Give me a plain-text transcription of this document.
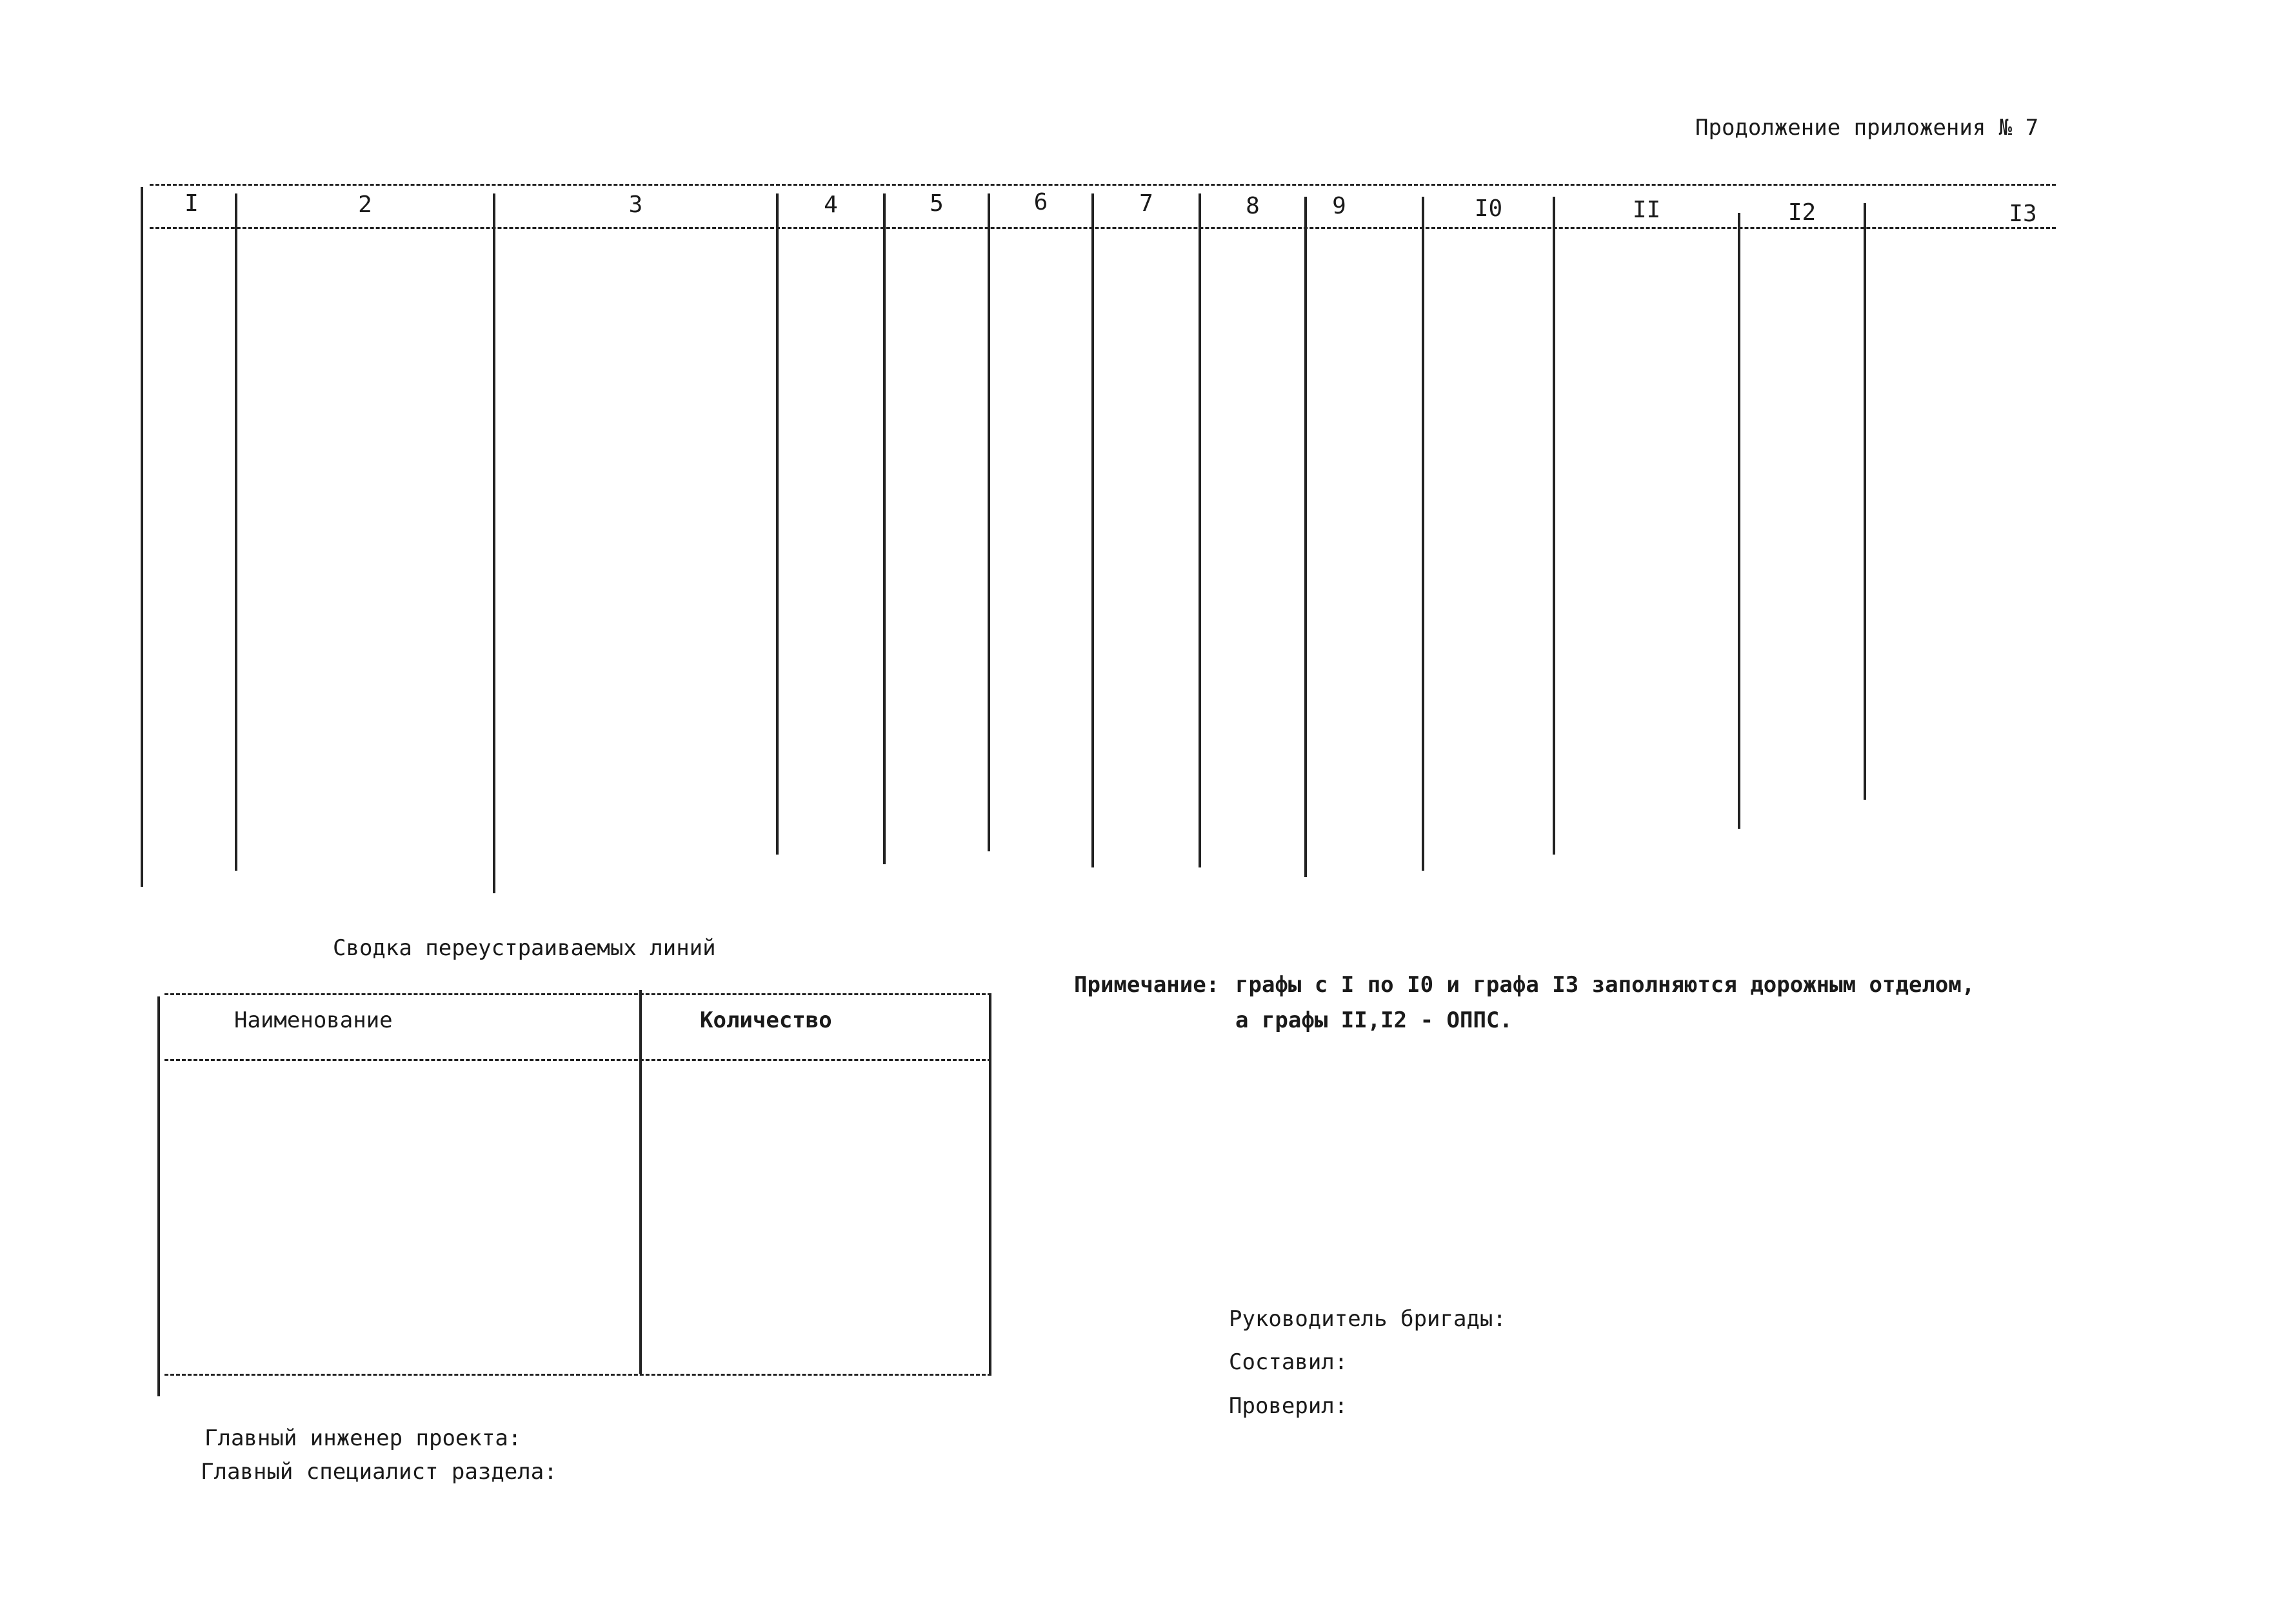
Продолжение приложения № 7
I	2	3	4	5	6	7	8	9	I0	II	I2	I3
Сводка переустраиваемых линий
Наименование	Количество
Примечание: графы с I по I0 и графа I3 заполняются дорожным отделом,
а графы II,I2 - ОППС.
Руководитель бригады:
Составил:
Проверил:
Главный инженер проекта:
Главный специалист раздела:
